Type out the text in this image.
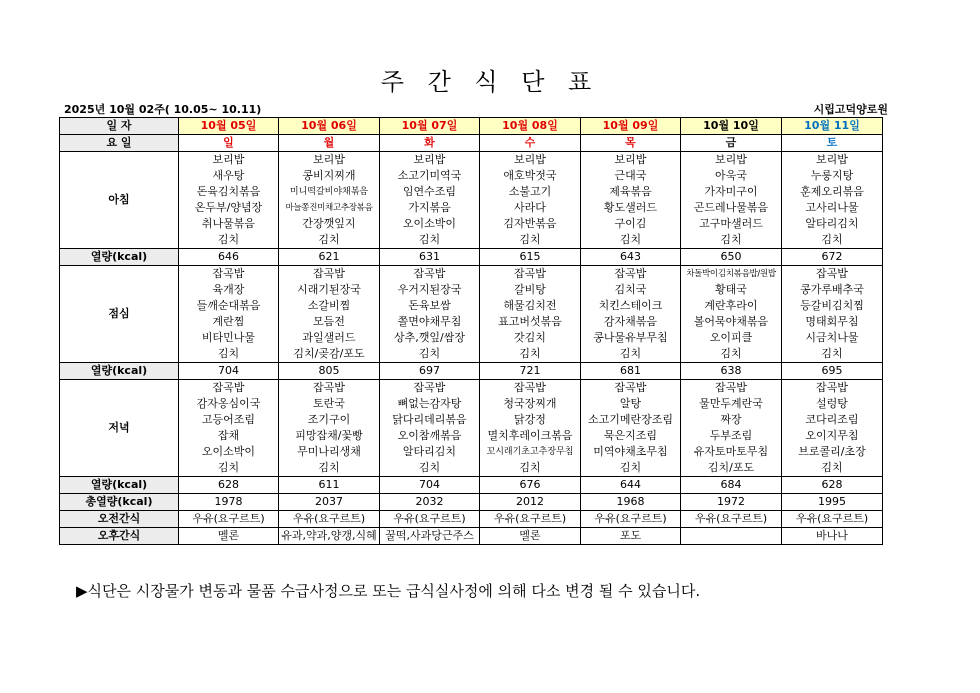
주 간 식 단 표
2025년 10월 02주( 10.05~ 10.11)	시립고덕양로원
일 자	10월 05일	10월 06일	10월 07일	10월 08일	10월 09일	10월 10일	10월 11일
요 일	일	월	화	수	목	금	토
아침	보리밥	보리밥	보리밥	보리밥	보리밥	보리밥	보리밥
	새우탕	콩비지찌개	소고기미역국	애호박젓국	근대국	아욱국	누룽지탕
	돈육김치볶음	미니떡갈비야채볶음	임연수조림	소불고기	제육볶음	가자미구이	훈제오리볶음
	온두부/양념장	마늘쫑진미채고추장볶음	가지볶음	사라다	황도샐러드	곤드레나물볶음	고사리나물
	취나물볶음	간장깻잎지	오이소박이	김자반볶음	구이김	고구마샐러드	알타리김치
	김치	김치	김치	김치	김치	김치	김치
열량(kcal)	646	621	631	615	643	650	672
점심	잡곡밥	잡곡밥	잡곡밥	잡곡밥	잡곡밥	차돌박이김치볶음밥/원밥	잡곡밥
	육개장	시래기된장국	우거지된장국	갈비탕	김치국	황태국	콩가루배추국
	들깨순대볶음	소갈비찜	돈육보쌈	해물김치전	치킨스테이크	계란후라이	등갈비김치찜
	계란찜	모듬전	쫄면야채무침	표고버섯볶음	감자채볶음	볼어묵야채볶음	명태회무침
	비타민나물	과일샐러드	상추,깻잎/쌈장	갓김치	콩나물유부무침	오이피클	시금치나물
	김치	김치/곶감/포도	김치	김치	김치	김치	김치
열량(kcal)	704	805	697	721	681	638	695
저녁	잡곡밥	잡곡밥	잡곡밥	잡곡밥	잡곡밥	잡곡밥	잡곡밥
	감자옹심이국	토란국	뼈없는감자탕	청국장찌개	알탕	물만두계란국	설렁탕
	고등어조림	조기구이	닭다리데리볶음	닭강정	소고기메란장조림	짜장	코다리조림
	잡채	피망잡채/꽃빵	오이참깨볶음	멸치후레이크볶음	묵은지조림	두부조림	오이지무침
	오이소박이	무미나리생채	알타리김치	꼬시래기초고추장무침	미역야채초무침	유자토마토무침	브로콜리/초장
	김치	김치	김치	김치	김치	김치/포도	김치
열량(kcal)	628	611	704	676	644	684	628
총열량(kcal)	1978	2037	2032	2012	1968	1972	1995
오전간식	우유(요구르트)	우유(요구르트)	우유(요구르트)	우유(요구르트)	우유(요구르트)	우유(요구르트)	우유(요구르트)
오후간식	멜론	유과,약과,양갱,식혜	꿀떡,사과당근주스	멜론	포도		바나나
▶식단은 시장물가 변동과 물품 수급사정으로 또는 급식실사정에 의해 다소 변경 될 수 있습니다.
